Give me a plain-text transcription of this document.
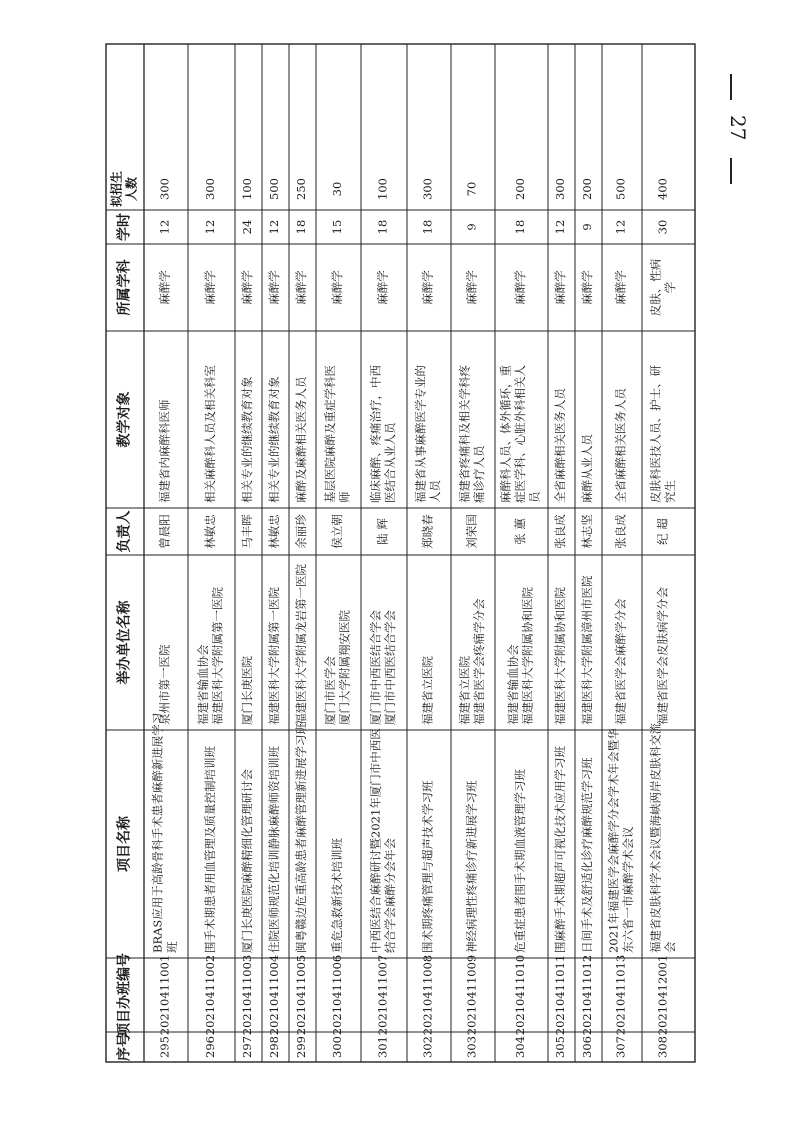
序号
项目办班编号
项目名称
举办单位名称
负责人
教学对象
所属学科
学时
拟招生 人数
295
20210411001
BRAS应用于高龄骨科手术患者麻醉新进展学习 班
泉州市第一医院
曾晨阳
福建省内麻醉科医师
麻醉学
12
300
296
20210411002
围手术期患者用血管理及质量控制培训班
福建省输血协会 福建医科大学附属第一医院
林敏忠
相关麻醉科人员及相关科室
麻醉学
12
300
297
20210411003
厦门长庚医院麻醉精细化管理研讨会
厦门长庚医院
马丰晖
相关专业的继续教育对象
麻醉学
24
100
298
20210411004
住院医师规范化培训静脉麻醉师资培训班
福建医科大学附属第一医院
林敏忠
相关专业的继续教育对象
麻醉学
12
500
299
20210411005
闽粤赣边危重高龄患者麻醉管理新进展学习班
福建医科大学附属龙岩第一医院
余丽珍
麻醉及麻醉相关医务人员
麻醉学
18
250
300
20210411006
重危急救新技术培训班
厦门市医学会 厦门大学附属翔安医院
侯立朝
基层医院麻醉及重症学科医 师
麻醉学
15
30
301
20210411007
中西医结合麻醉研讨暨2021年厦门市中西医 结合学会麻醉分会年会
厦门市中西医结合学会 厦门市中西医结合学会
陆 辉
临床麻醉、疼痛治疗，中西 医结合从业人员
麻醉学
18
100
302
20210411008
围术期疼痛管理与超声技术学习班
福建省立医院
郑晓春
福建省从事麻醉医学专业的 人员
麻醉学
18
300
303
20210411009
神经病理性疼痛诊疗新进展学习班
福建省立医院 福建省医学会疼痛学分会
刘荣国
福建省疼痛科及相关学科疼 痛诊疗人员
麻醉学
9
70
304
20210411010
危重症患者围手术期血液管理学习班
福建省输血协会 福建医科大学附属协和医院
张 蕙
麻醉科人员、体外循环，重 症医学科、心脏外科相关人 员
麻醉学
18
200
305
20210411011
围麻醉手术期超声可视化技术应用学习班
福建医科大学附属协和医院
张良成
全省麻醉相关医务人员
麻醉学
12
300
306
20210411012
日间手术及舒适化诊疗麻醉规范学习班
福建医科大学附属漳州市医院
林志坚
麻醉从业人员
麻醉学
9
200
307
20210411013
2021年福建医学会麻醉学分会学术年会暨华 东六省一市麻醉学术会议
福建省医学会麻醉学分会
张良成
全省麻醉相关医务人员
麻醉学
12
500
308
20210412001
福建省皮肤科学术会议暨海峡两岸皮肤科交流 会
福建省医学会皮肤病学分会
纪 超
皮肤科医技人员、护士、研 究生
皮肤、性病 学
30
400
27
